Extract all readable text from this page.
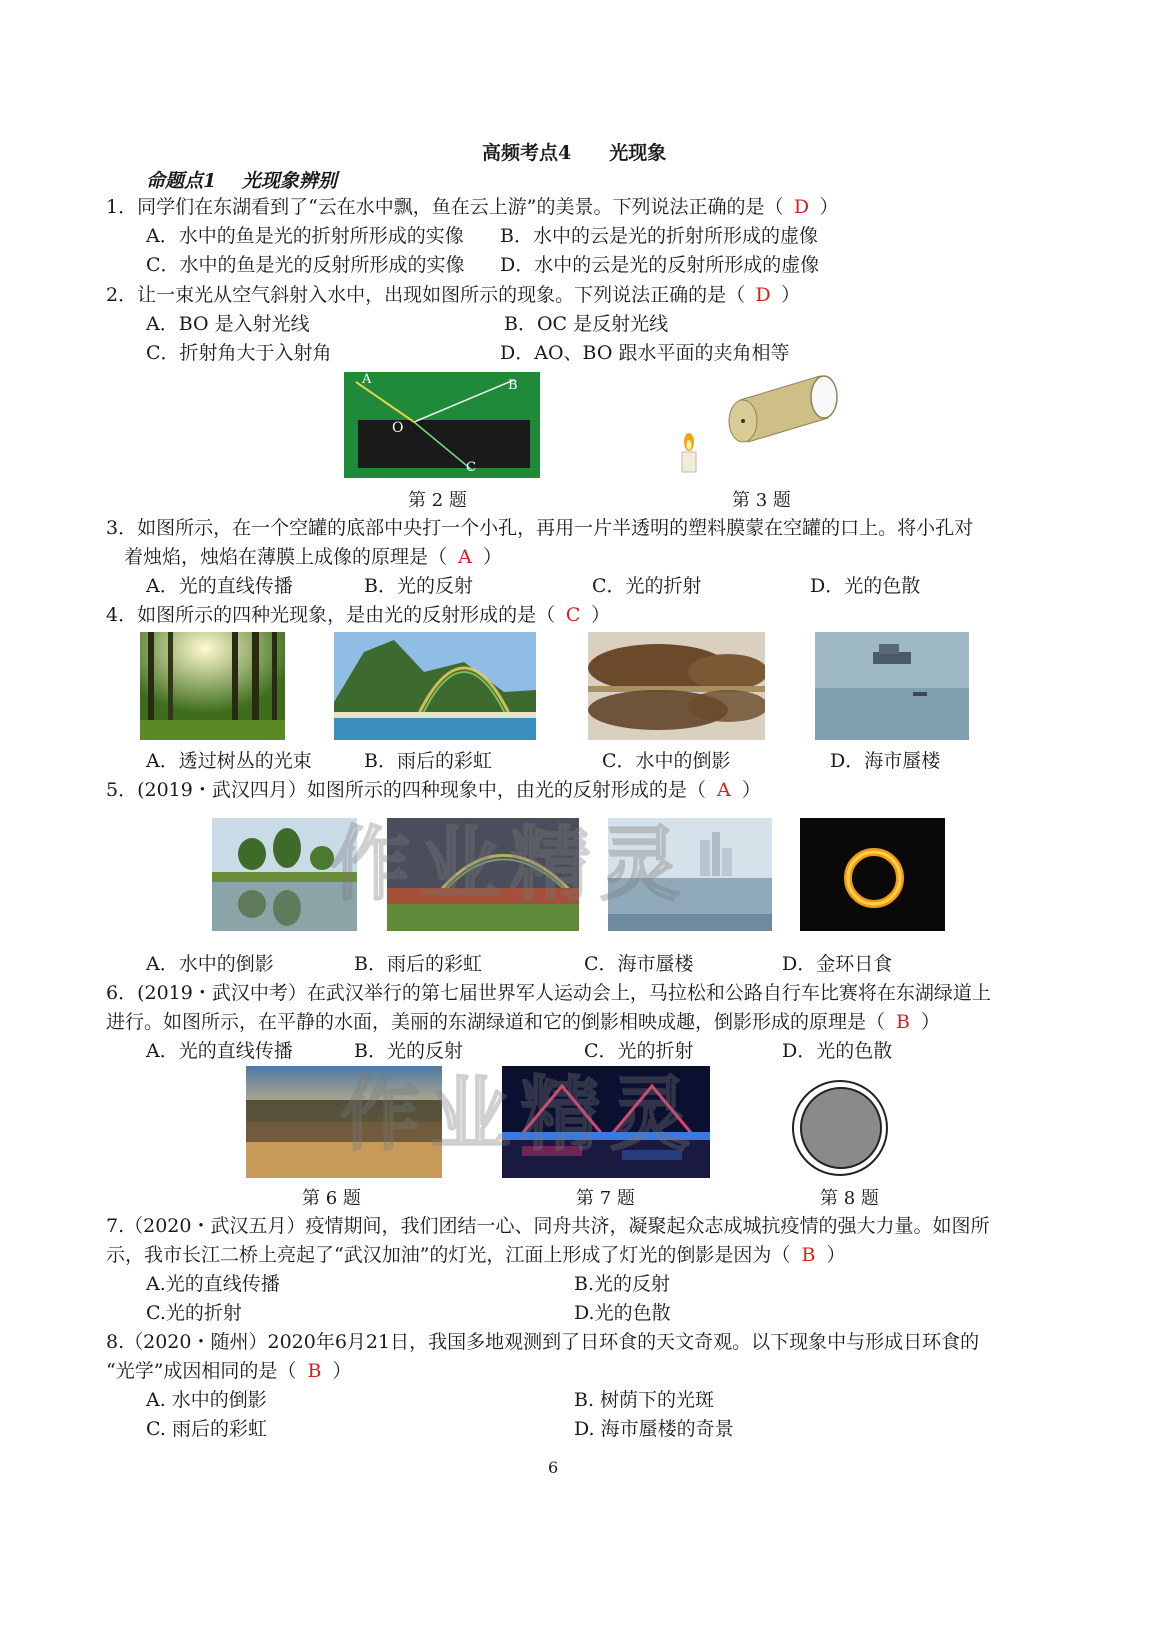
高频考点4　　光现象
命题点1　 光现象辨别
1．同学们在东湖看到了“云在水中飘，鱼在云上游”的美景。下列说法正确的是（ D ）
A．水中的鱼是光的折射所形成的实像 B．水中的云是光的折射所形成的虚像
C．水中的鱼是光的反射所形成的实像 D．水中的云是光的反射所形成的虚像
2．让一束光从空气斜射入水中，出现如图所示的现象。下列说法正确的是（ D ）
A．BO 是入射光线	B．OC 是反射光线
C．折射角大于入射角	D．AO、BO 跟水平面的夹角相等
A	B
O
C
第 2 题	第 3 题
3．如图所示，在一个空罐的底部中央打一个小孔，再用一片半透明的塑料膜蒙在空罐的口上。将小孔对
着烛焰，烛焰在薄膜上成像的原理是（ A ）
A．光的直线传播	B．光的反射	C．光的折射	D．光的色散
4．如图所示的四种光现象，是由光的反射形成的是（ C ）
A．透过树丛的光束	B．雨后的彩虹	C．水中的倒影	D．海市蜃楼
5．(2019・武汉四月）如图所示的四种现象中，由光的反射形成的是（ A ）
作业精灵
A．水中的倒影	B．雨后的彩虹	C．海市蜃楼	D．金环日食
6．(2019・武汉中考）在武汉举行的第七届世界军人运动会上，马拉松和公路自行车比赛将在东湖绿道上
进行。如图所示，在平静的水面，美丽的东湖绿道和它的倒影相映成趣，倒影形成的原理是（ B ）
A．光的直线传播	B．光的反射	C．光的折射	D．光的色散
作业精灵
第 6 题	第 7 题	第 8 题
7.（2020・武汉五月）疫情期间，我们团结一心、同舟共济，凝聚起众志成城抗疫情的强大力量。如图所
示，我市长江二桥上亮起了“武汉加油”的灯光，江面上形成了灯光的倒影是因为（ B ）
A.光的直线传播	B.光的反射
C.光的折射	D.光的色散
8.（2020・随州）2020年6月21日，我国多地观测到了日环食的天文奇观。以下现象中与形成日环食的
“光学”成因相同的是（ B ）
A. 水中的倒影	B. 树荫下的光斑
C. 雨后的彩虹	D. 海市蜃楼的奇景
6
